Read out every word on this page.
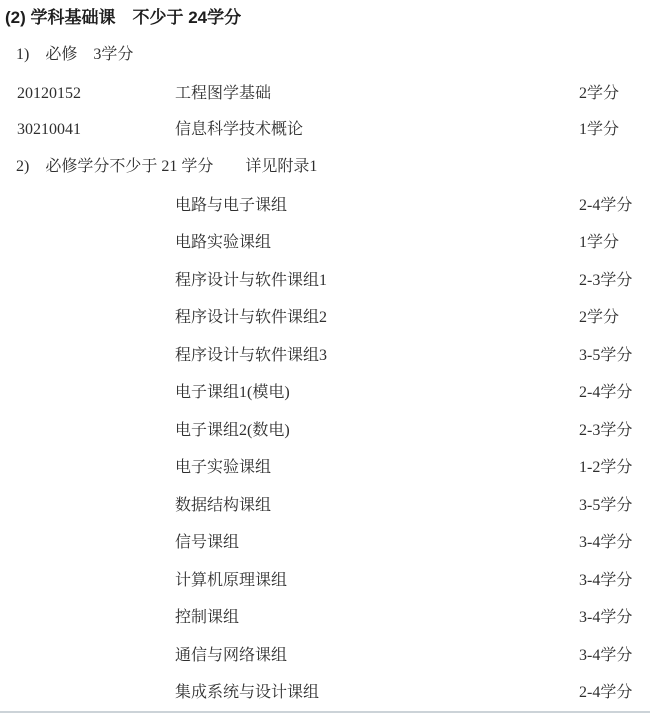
(2) 学科基础课　不少于 24学分
1)　必修　3学分
20120152	工程图学基础	2学分
30210041	信息科学技术概论	1学分
2)　必修学分不少于 21 学分　　详见附录1
电路与电子课组	2-4学分
电路实验课组	1学分
程序设计与软件课组1	2-3学分
程序设计与软件课组2	2学分
程序设计与软件课组3	3-5学分
电子课组1(模电)	2-4学分
电子课组2(数电)	2-3学分
电子实验课组	1-2学分
数据结构课组	3-5学分
信号课组	3-4学分
计算机原理课组	3-4学分
控制课组	3-4学分
通信与网络课组	3-4学分
集成系统与设计课组	2-4学分
